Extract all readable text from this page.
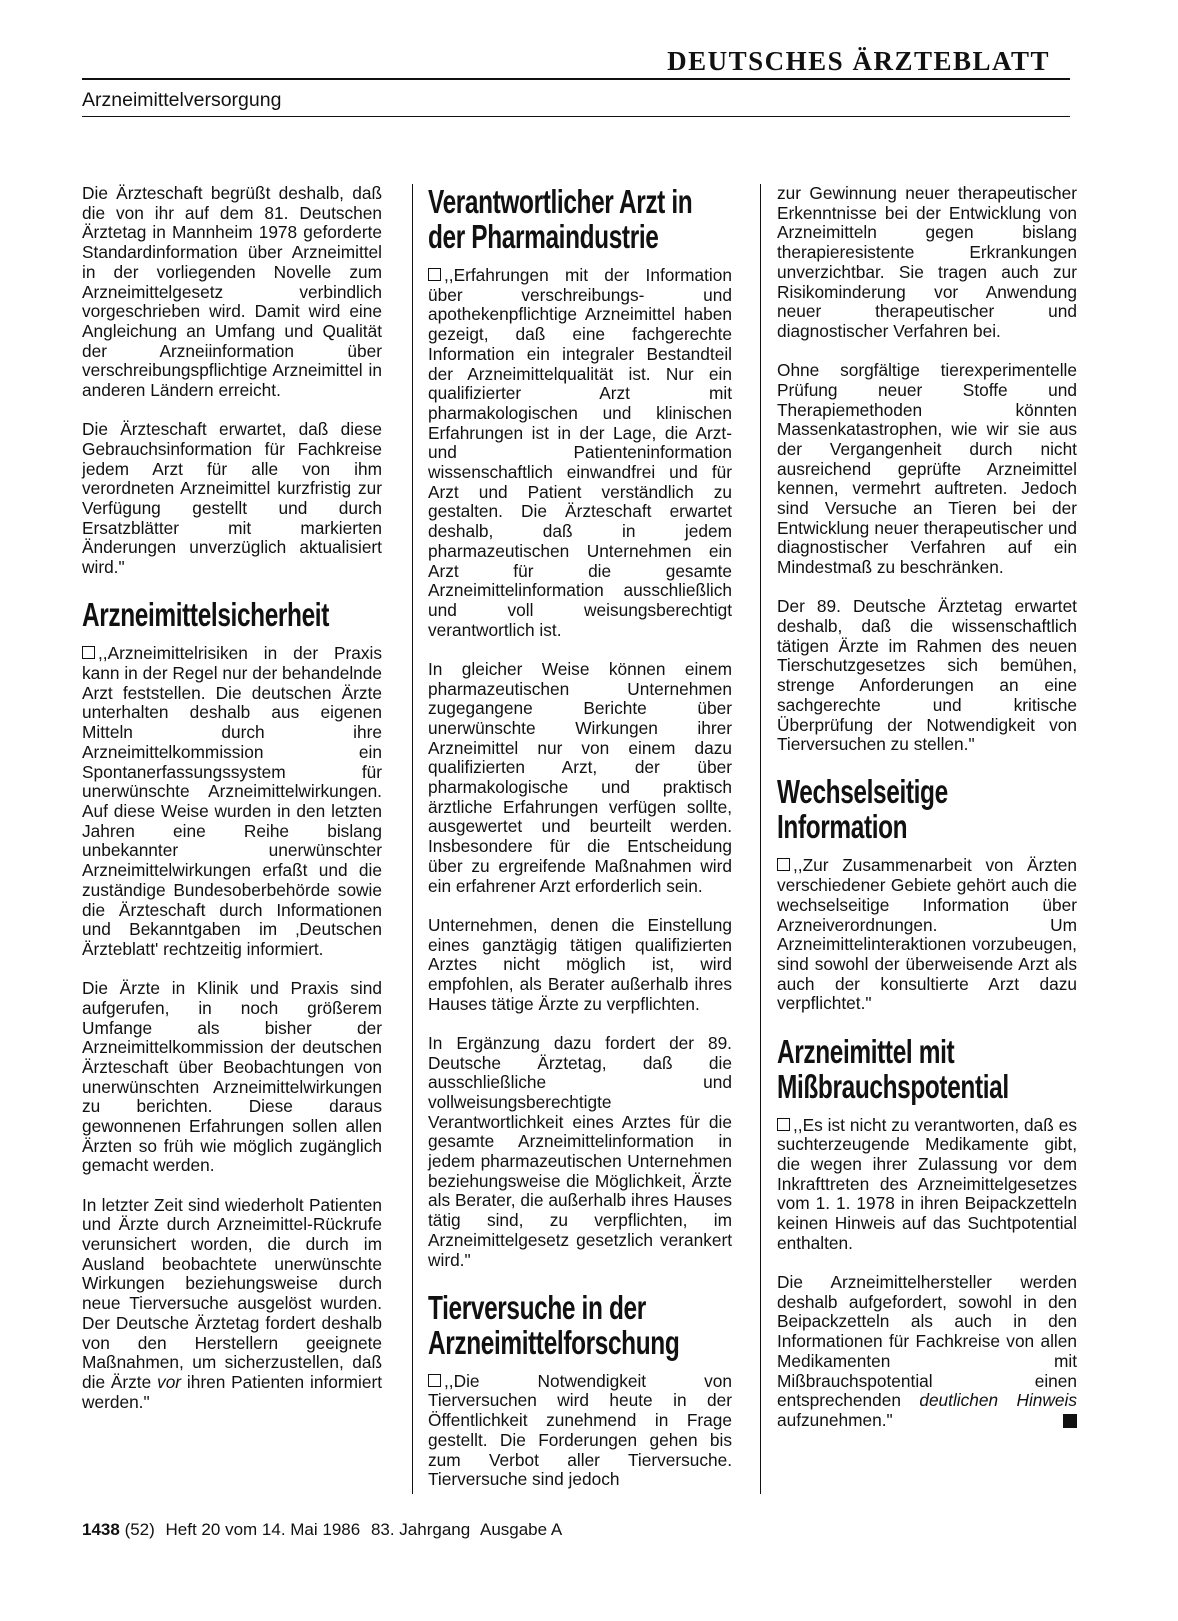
DEUTSCHES ÄRZTEBLATT
Arzneimittelversorgung

Die Ärzteschaft begrüßt deshalb, daß die von ihr auf dem 81. Deutschen Ärztetag in Mannheim 1978 geforderte Standardinformation über Arzneimittel in der vorliegenden Novelle zum Arzneimittelgesetz verbindlich vorgeschrieben wird. Damit wird eine Angleichung an Umfang und Qualität der Arzneiinformation über verschreibungspflichtige Arzneimittel in anderen Ländern erreicht.

Die Ärzteschaft erwartet, daß diese Gebrauchsinformation für Fachkreise jedem Arzt für alle von ihm verordneten Arzneimittel kurzfristig zur Verfügung gestellt und durch Ersatzblätter mit markierten Änderungen unverzüglich aktualisiert wird."

Arzneimittelsicherheit

,,Arzneimittelrisiken in der Praxis kann in der Regel nur der behandelnde Arzt feststellen. Die deutschen Ärzte unterhalten deshalb aus eigenen Mitteln durch ihre Arzneimittelkommission ein Spontanerfassungssystem für unerwünschte Arzneimittelwirkungen. Auf diese Weise wurden in den letzten Jahren eine Reihe bislang unbekannter unerwünschter Arzneimittelwirkungen erfaßt und die zuständige Bundesoberbehörde sowie die Ärzteschaft durch Informationen und Bekanntgaben im ‚Deutschen Ärzteblatt' rechtzeitig informiert.

Die Ärzte in Klinik und Praxis sind aufgerufen, in noch größerem Umfange als bisher der Arzneimittelkommission der deutschen Ärzteschaft über Beobachtungen von unerwünschten Arzneimittelwirkungen zu berichten. Diese daraus gewonnenen Erfahrungen sollen allen Ärzten so früh wie möglich zugänglich gemacht werden.

In letzter Zeit sind wiederholt Patienten und Ärzte durch Arzneimittel-Rückrufe verunsichert worden, die durch im Ausland beobachtete unerwünschte Wirkungen beziehungsweise durch neue Tierversuche ausgelöst wurden. Der Deutsche Ärztetag fordert deshalb von den Herstellern geeignete Maßnahmen, um sicherzustellen, daß die Ärzte vor ihren Patienten informiert werden."

Verantwortlicher Arzt in der Pharmaindustrie

,,Erfahrungen mit der Information über verschreibungs- und apothekenpflichtige Arzneimittel haben gezeigt, daß eine fachgerechte Information ein integraler Bestandteil der Arzneimittelqualität ist. Nur ein qualifizierter Arzt mit pharmakologischen und klinischen Erfahrungen ist in der Lage, die Arzt- und Patienteninformation wissenschaftlich einwandfrei und für Arzt und Patient verständlich zu gestalten. Die Ärzteschaft erwartet deshalb, daß in jedem pharmazeutischen Unternehmen ein Arzt für die gesamte Arzneimittelinformation ausschließlich und voll weisungsberechtigt verantwortlich ist.

In gleicher Weise können einem pharmazeutischen Unternehmen zugegangene Berichte über unerwünschte Wirkungen ihrer Arzneimittel nur von einem dazu qualifizierten Arzt, der über pharmakologische und praktisch ärztliche Erfahrungen verfügen sollte, ausgewertet und beurteilt werden. Insbesondere für die Entscheidung über zu ergreifende Maßnahmen wird ein erfahrener Arzt erforderlich sein.

Unternehmen, denen die Einstellung eines ganztägig tätigen qualifizierten Arztes nicht möglich ist, wird empfohlen, als Berater außerhalb ihres Hauses tätige Ärzte zu verpflichten.

In Ergänzung dazu fordert der 89. Deutsche Ärztetag, daß die ausschließliche und vollweisungsberechtigte Verantwortlichkeit eines Arztes für die gesamte Arzneimittelinformation in jedem pharmazeutischen Unternehmen beziehungsweise die Möglichkeit, Ärzte als Berater, die außerhalb ihres Hauses tätig sind, zu verpflichten, im Arzneimittelgesetz gesetzlich verankert wird."

Tierversuche in der Arzneimittelforschung

,,Die Notwendigkeit von Tierversuchen wird heute in der Öffentlichkeit zunehmend in Frage gestellt. Die Forderungen gehen bis zum Verbot aller Tierversuche. Tierversuche sind jedoch

zur Gewinnung neuer therapeutischer Erkenntnisse bei der Entwicklung von Arzneimitteln gegen bislang therapieresistente Erkrankungen unverzichtbar. Sie tragen auch zur Risikominderung vor Anwendung neuer therapeutischer und diagnostischer Verfahren bei.

Ohne sorgfältige tierexperimentelle Prüfung neuer Stoffe und Therapiemethoden könnten Massenkatastrophen, wie wir sie aus der Vergangenheit durch nicht ausreichend geprüfte Arzneimittel kennen, vermehrt auftreten. Jedoch sind Versuche an Tieren bei der Entwicklung neuer therapeutischer und diagnostischer Verfahren auf ein Mindestmaß zu beschränken.

Der 89. Deutsche Ärztetag erwartet deshalb, daß die wissenschaftlich tätigen Ärzte im Rahmen des neuen Tierschutzgesetzes sich bemühen, strenge Anforderungen an eine sachgerechte und kritische Überprüfung der Notwendigkeit von Tierversuchen zu stellen."

Wechselseitige Information

,,Zur Zusammenarbeit von Ärzten verschiedener Gebiete gehört auch die wechselseitige Information über Arzneiverordnungen. Um Arzneimittelinteraktionen vorzubeugen, sind sowohl der überweisende Arzt als auch der konsultierte Arzt dazu verpflichtet."

Arzneimittel mit Mißbrauchspotential

,,Es ist nicht zu verantworten, daß es suchterzeugende Medikamente gibt, die wegen ihrer Zulassung vor dem Inkrafttreten des Arzneimittelgesetzes vom 1. 1. 1978 in ihren Beipackzetteln keinen Hinweis auf das Suchtpotential enthalten.

Die Arzneimittelhersteller werden deshalb aufgefordert, sowohl in den Beipackzetteln als auch in den Informationen für Fachkreise von allen Medikamenten mit Mißbrauchspotential einen entsprechenden deutlichen Hinweis aufzunehmen."

1438 (52) Heft 20 vom 14. Mai 1986 83. Jahrgang Ausgabe A
